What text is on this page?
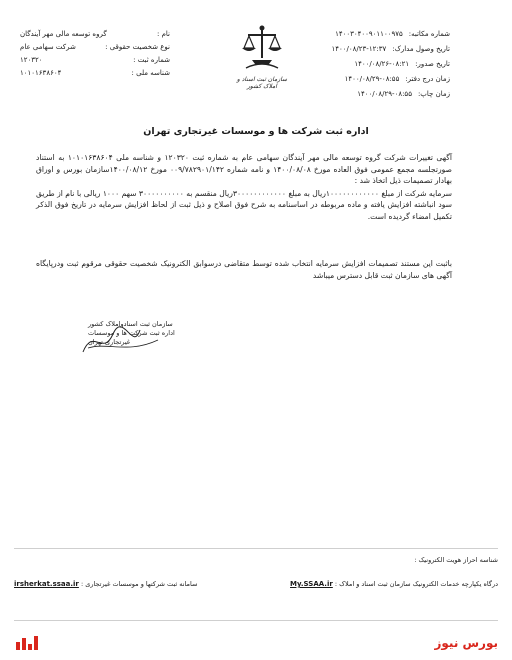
شماره مکاتبه:
۱۴۰۰۳۰۴۰۰۹۰۱۱۰۰۹۷۵
تاریخ وصول مدارک:
۱۴۰۰/۰۸/۲۳-۱۲:۳۷
تاریخ صدور:
۱۴۰۰/۰۸/۲۶-۰۸:۲۱
زمان درج دفتر:
۱۴۰۰/۰۸/۲۹-۰۸:۵۵
زمان چاپ:
۱۴۰۰/۰۸/۲۹-۰۸:۵۵
سازمان ثبت اسناد و املاک کشور
نام :
گروه توسعه مالی مهر آیندگان
نوع شخصیت حقوقی :
شرکت سهامی عام
شماره ثبت :
۱۲۰۳۲۰
شناسه ملی :
۱۰۱۰۱۶۳۸۶۰۴
اداره ثبت شرکت ها و موسسات غیرتجاری تهران
آگهی تغییرات شرکت گروه توسعه مالی مهر آیندگان سهامی عام به شماره ثبت ۱۲۰۳۲۰ و شناسه ملی ۱۰۱۰۱۶۳۸۶۰۴ به استناد صورتجلسه مجمع عمومی فوق العاده مورخ ۱۴۰۰/۰۸/۰۸ و نامه شماره ۰۰۹/۷۸۲۹۰۱/۱۴۲ مورخ ۱۴۰۰/۰۸/۱۲سازمان بورس و اوراق بهادار تصمیمات ذیل اتخاذ شد :
سرمایه شرکت از مبلغ ۱۰۰۰۰۰۰۰۰۰۰۰۰ریال به مبلغ ۳۰۰۰۰۰۰۰۰۰۰۰۰ریال منقسم به ۳۰۰۰۰۰۰۰۰۰۰ سهم ۱۰۰۰ ریالی با نام از طریق سود انباشته افزایش یافته و ماده مربوطه در اساسنامه به شرح فوق اصلاح و ذیل ثبت از لحاظ افزایش سرمایه در تاریخ فوق الذکر تکمیل امضاء گردیده است.
باثبت این مستند تصمیمات افزایش سرمایه انتخاب شده توسط متقاضی درسوابق الکترونیک شخصیت حقوقی مرقوم ثبت ودرپایگاه آگهی های سازمان ثبت قابل دسترس میباشد
سازمان ثبت اسنادواملاک کشور
اداره ثبت شرکت ها و موسسات غیرتجاری تهران
شناسه احراز هویت الکترونیک :
درگاه یکپارچه خدمات الکترونیک سازمان ثبت اسناد و املاک : My.SSAA.ir
سامانه ثبت شرکتها و موسسات غیرتجاری : irsherkat.ssaa.ir
بورس نیوز
